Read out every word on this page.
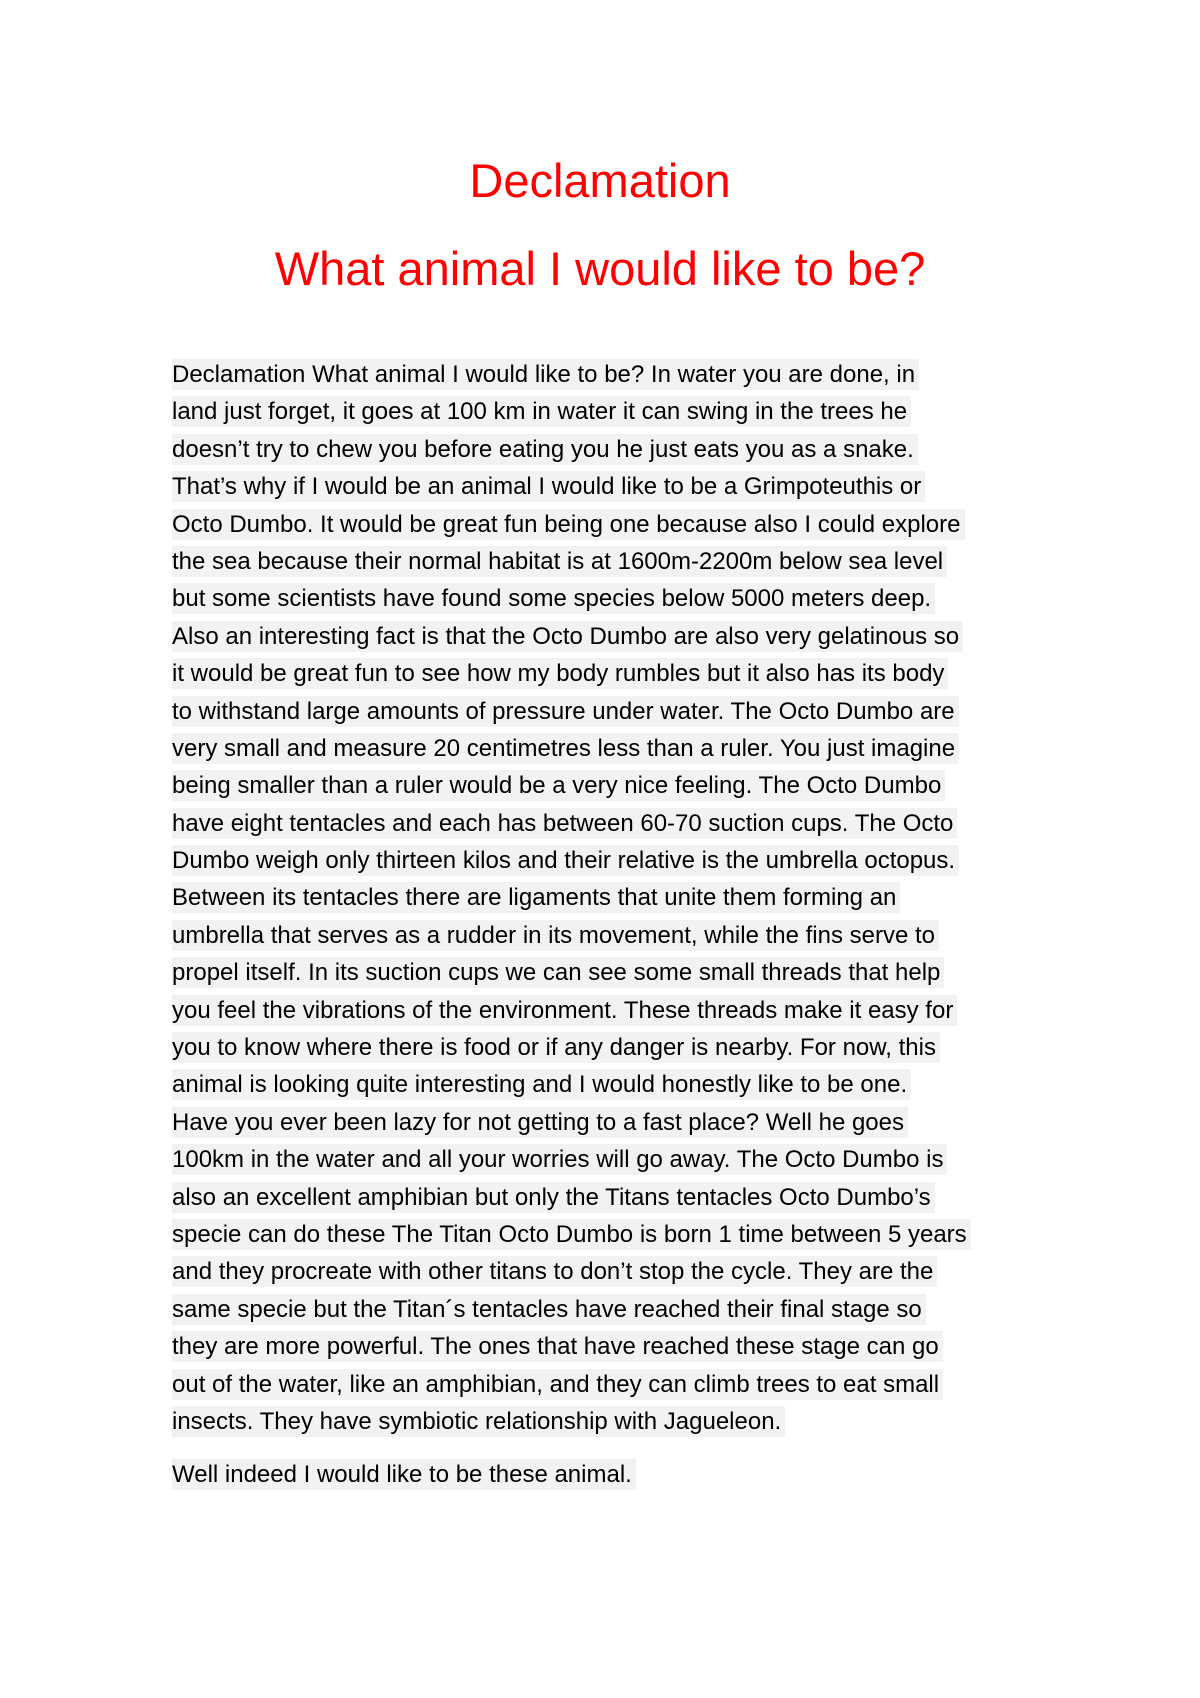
Declamation
What animal I would like to be?
Declamation What animal I would like to be? In water you are done, in
land just forget, it goes at 100 km in water it can swing in the trees he
doesn’t try to chew you before eating you he just eats you as a snake.
That’s why if I would be an animal I would like to be a Grimpoteuthis or
Octo Dumbo. It would be great fun being one because also I could explore
the sea because their normal habitat is at 1600m-2200m below sea level
but some scientists have found some species below 5000 meters deep.
Also an interesting fact is that the Octo Dumbo are also very gelatinous so
it would be great fun to see how my body rumbles but it also has its body
to withstand large amounts of pressure under water. The Octo Dumbo are
very small and measure 20 centimetres less than a ruler. You just imagine
being smaller than a ruler would be a very nice feeling. The Octo Dumbo
have eight tentacles and each has between 60-70 suction cups. The Octo
Dumbo weigh only thirteen kilos and their relative is the umbrella octopus.
Between its tentacles there are ligaments that unite them forming an
umbrella that serves as a rudder in its movement, while the fins serve to
propel itself. In its suction cups we can see some small threads that help
you feel the vibrations of the environment. These threads make it easy for
you to know where there is food or if any danger is nearby. For now, this
animal is looking quite interesting and I would honestly like to be one.
Have you ever been lazy for not getting to a fast place? Well he goes
100km in the water and all your worries will go away. The Octo Dumbo is
also an excellent amphibian but only the Titans tentacles Octo Dumbo’s
specie can do these The Titan Octo Dumbo is born 1 time between 5 years
and they procreate with other titans to don’t stop the cycle. They are the
same specie but the Titan´s tentacles have reached their final stage so
they are more powerful. The ones that have reached these stage can go
out of the water, like an amphibian, and they can climb trees to eat small
insects. They have symbiotic relationship with Jagueleon.
Well indeed I would like to be these animal.
